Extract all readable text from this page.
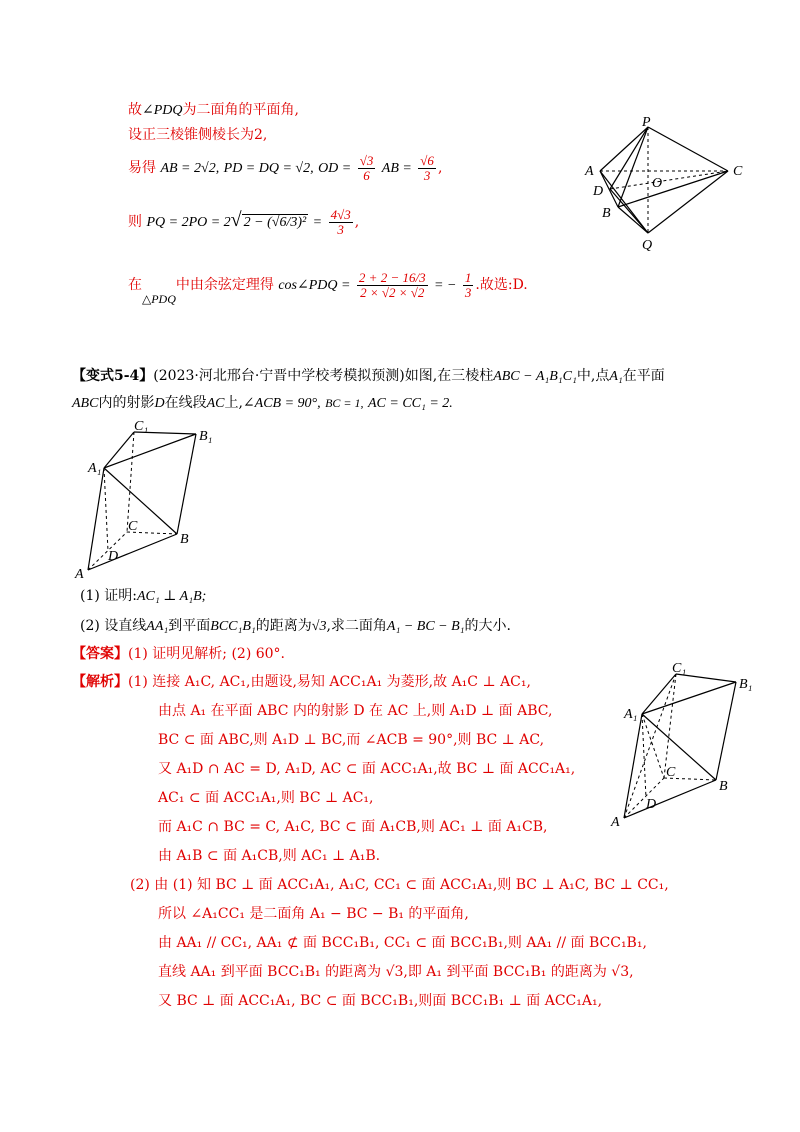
故∠PDQ为二面角的平面角,
设正三棱锥侧棱长为2,
易得 AB = 2√2, PD = DQ = √2, OD = $\frac{√3}{6}$ AB = $\frac{√6}{3}$ ,
则 PQ = 2PO = 2√ $2 - (√6/3)^2 = \frac{4√3}{3}$ ,
在△PDQ中由余弦定理得 cos∠PDQ = $\frac{2 + 2 - 16/3}{2 \times √2 \times √2}$ = − $\frac{1}{3}$ .故选:D.
P
A	C
D
O
B
Q
【变式5-4】(2023·河北邢台·宁晋中学校考模拟预测)如图,在三棱柱ABC − A₁B₁C₁中,点A₁在平面
ABC内的射影D在线段AC上,∠ACB = 90°, BC = 1, AC = CC₁ = 2.
C₁
B₁
A₁
C
D
B
A
(1) 证明:AC₁ ⊥ A₁B;
(2) 设直线AA₁到平面BCC₁B₁的距离为√3,求二面角A₁ − BC − B₁的大小.
【答案】(1) 证明见解析; (2) 60°.
【解析】(1) 连接 A₁C, AC₁,由题设,易知 ACC₁A₁ 为菱形,故 A₁C ⊥ AC₁,
由点 A₁ 在平面 ABC 内的射影 D 在 AC 上,则 A₁D ⊥ 面 ABC,
BC ⊂ 面 ABC,则 A₁D ⊥ BC,而 ∠ACB = 90°,则 BC ⊥ AC,
又 A₁D ∩ AC = D, A₁D, AC ⊂ 面 ACC₁A₁,故 BC ⊥ 面 ACC₁A₁,
AC₁ ⊂ 面 ACC₁A₁,则 BC ⊥ AC₁,
而 A₁C ∩ BC = C, A₁C, BC ⊂ 面 A₁CB,则 AC₁ ⊥ 面 A₁CB,
由 A₁B ⊂ 面 A₁CB,则 AC₁ ⊥ A₁B.
(2) 由 (1) 知 BC ⊥ 面 ACC₁A₁, A₁C, CC₁ ⊂ 面 ACC₁A₁,则 BC ⊥ A₁C, BC ⊥ CC₁,
所以 ∠A₁CC₁ 是二面角 A₁ − BC − B₁ 的平面角,
由 AA₁ // CC₁, AA₁ ⊄ 面 BCC₁B₁, CC₁ ⊂ 面 BCC₁B₁,则 AA₁ // 面 BCC₁B₁,
直线 AA₁ 到平面 BCC₁B₁ 的距离为 √3,即 A₁ 到平面 BCC₁B₁ 的距离为 √3,
又 BC ⊥ 面 ACC₁A₁, BC ⊂ 面 BCC₁B₁,则面 BCC₁B₁ ⊥ 面 ACC₁A₁,
C₁
B₁
A₁
C
D
B
A
